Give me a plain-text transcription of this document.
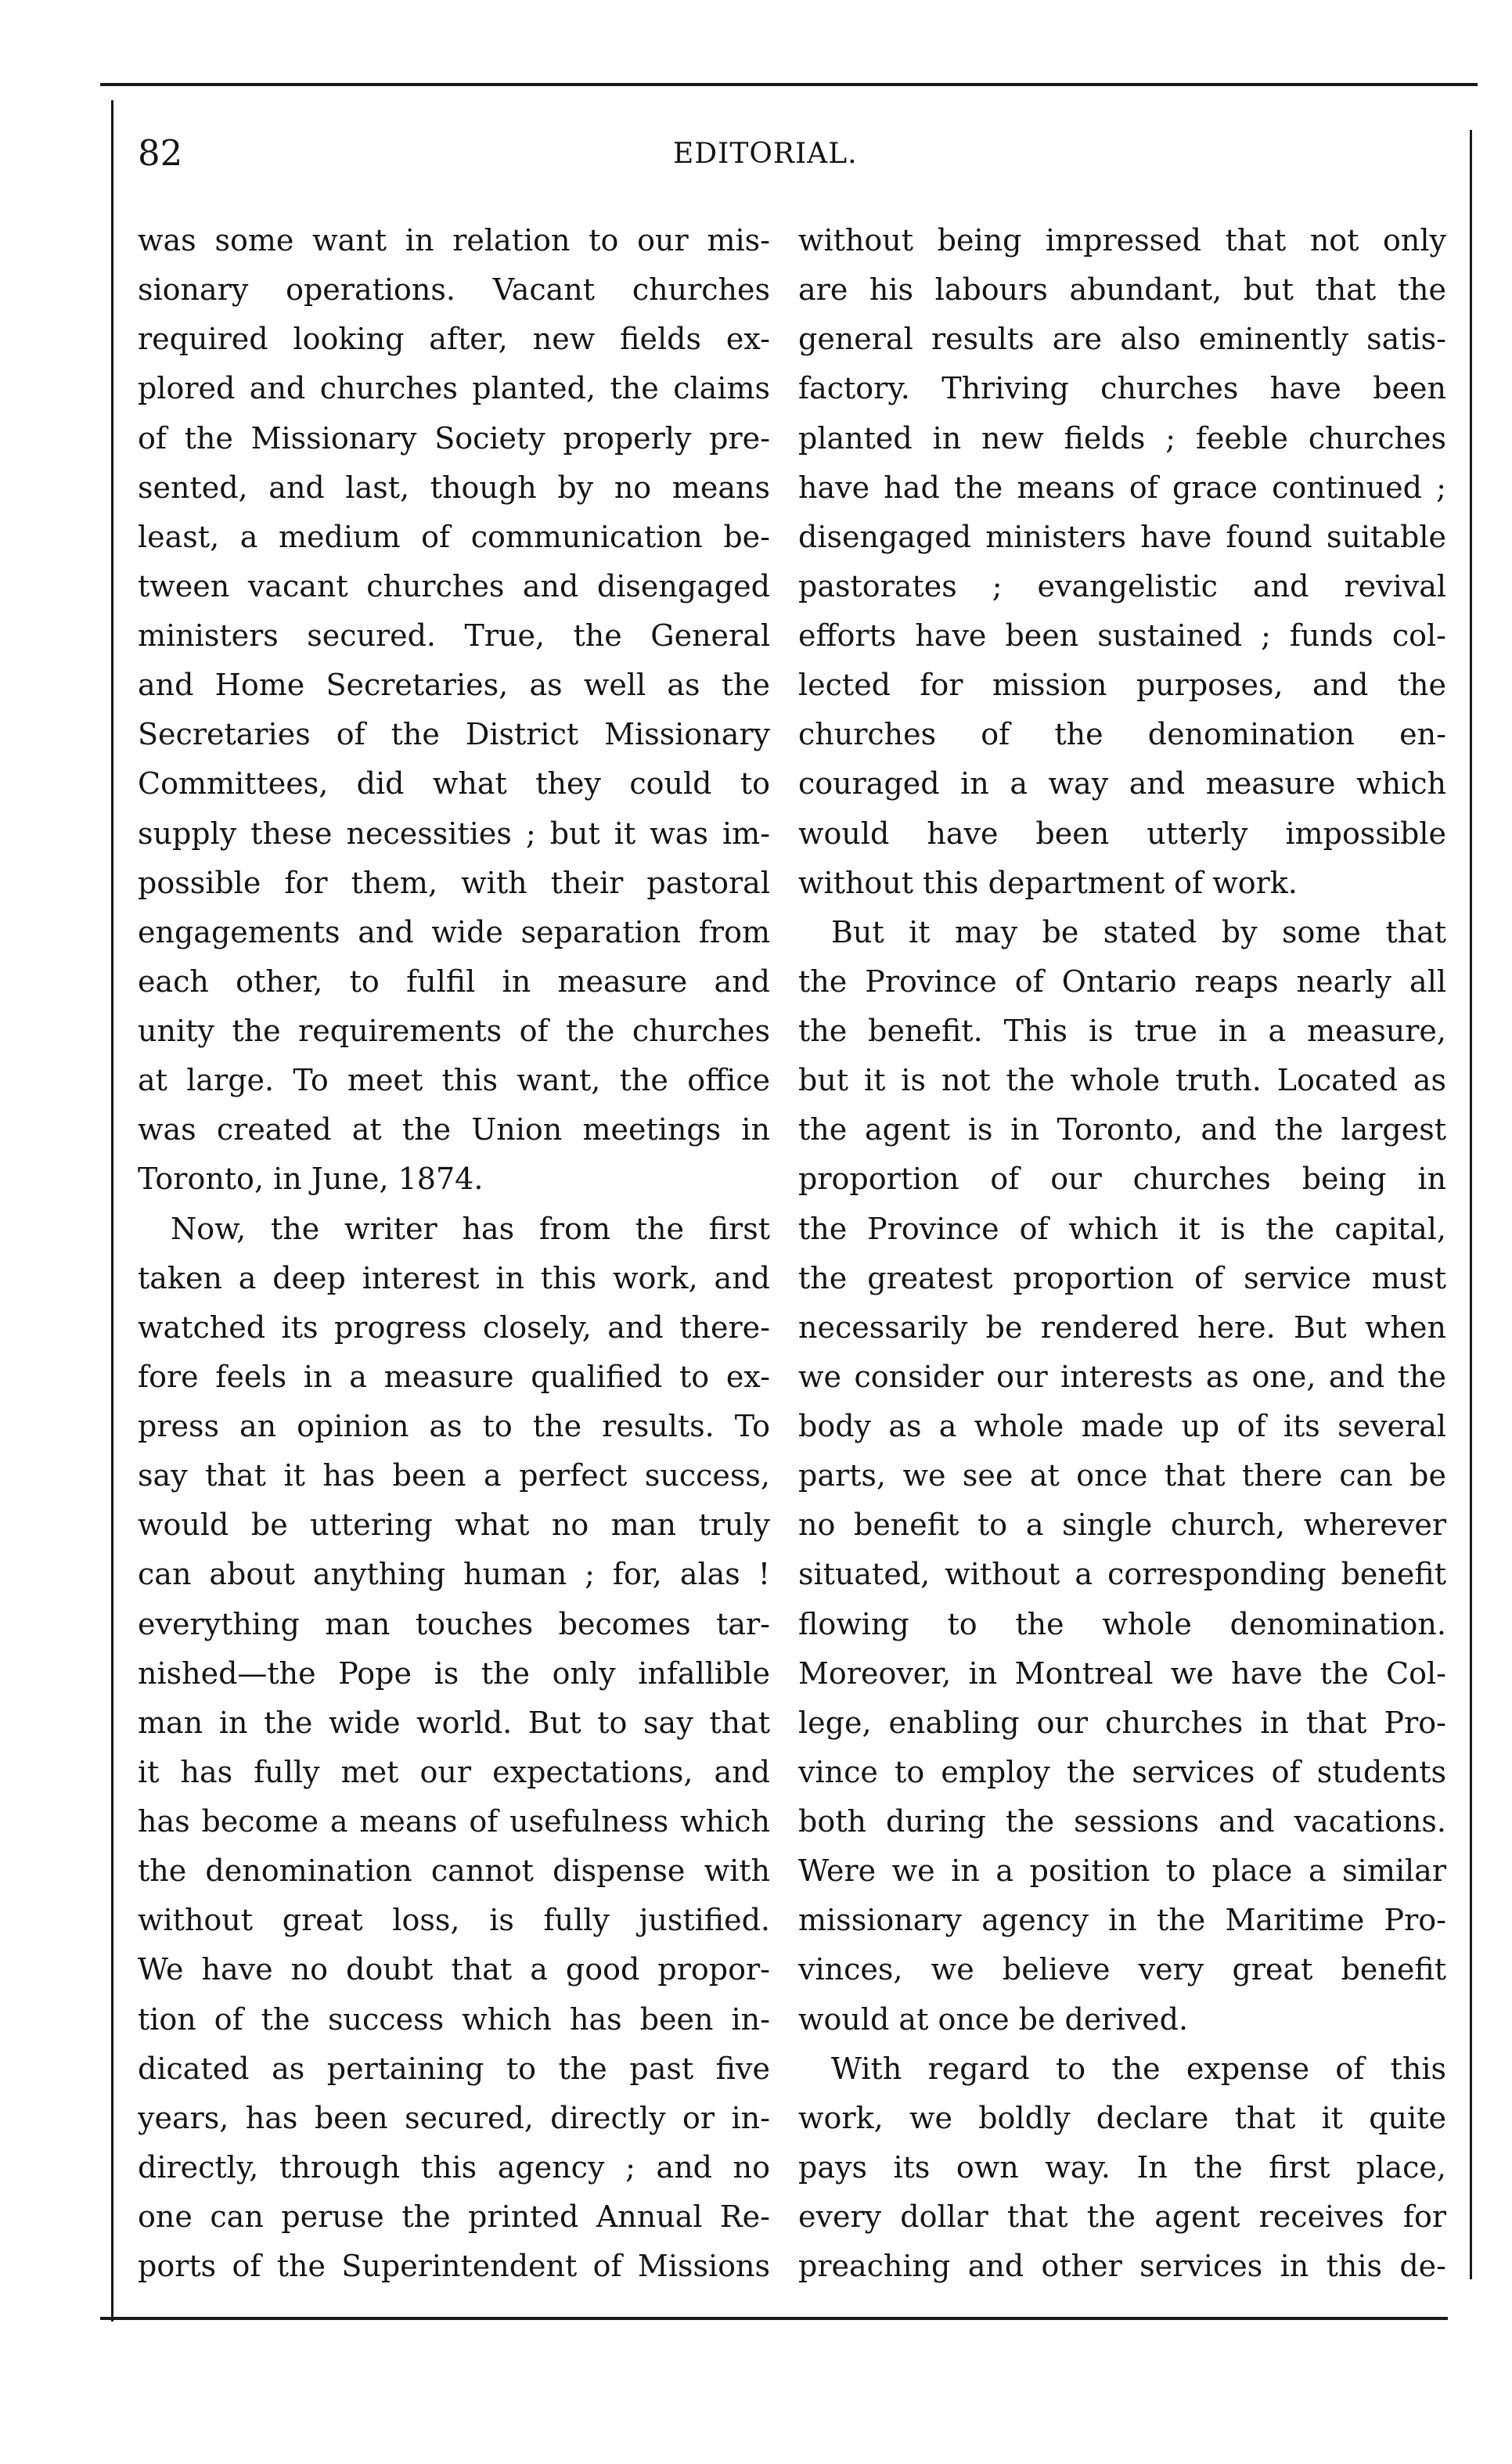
82	EDITORIAL.
was some want in relation to our mis-
sionary operations. Vacant churches
required looking after, new fields ex-
plored and churches planted, the claims
of the Missionary Society properly pre-
sented, and last, though by no means
least, a medium of communication be-
tween vacant churches and disengaged
ministers secured. True, the General
and Home Secretaries, as well as the
Secretaries of the District Missionary
Committees, did what they could to
supply these necessities ; but it was im-
possible for them, with their pastoral
engagements and wide separation from
each other, to fulfil in measure and
unity the requirements of the churches
at large. To meet this want, the office
was created at the Union meetings in
Toronto, in June, 1874.
Now, the writer has from the first
taken a deep interest in this work, and
watched its progress closely, and there-
fore feels in a measure qualified to ex-
press an opinion as to the results. To
say that it has been a perfect success,
would be uttering what no man truly
can about anything human ; for, alas !
everything man touches becomes tar-
nished—the Pope is the only infallible
man in the wide world. But to say that
it has fully met our expectations, and
has become a means of usefulness which
the denomination cannot dispense with
without great loss, is fully justified.
We have no doubt that a good propor-
tion of the success which has been in-
dicated as pertaining to the past five
years, has been secured, directly or in-
directly, through this agency ; and no
one can peruse the printed Annual Re-
ports of the Superintendent of Missions
without being impressed that not only
are his labours abundant, but that the
general results are also eminently satis-
factory. Thriving churches have been
planted in new fields ; feeble churches
have had the means of grace continued ;
disengaged ministers have found suitable
pastorates ; evangelistic and revival
efforts have been sustained ; funds col-
lected for mission purposes, and the
churches of the denomination en-
couraged in a way and measure which
would have been utterly impossible
without this department of work.
But it may be stated by some that
the Province of Ontario reaps nearly all
the benefit. This is true in a measure,
but it is not the whole truth. Located as
the agent is in Toronto, and the largest
proportion of our churches being in
the Province of which it is the capital,
the greatest proportion of service must
necessarily be rendered here. But when
we consider our interests as one, and the
body as a whole made up of its several
parts, we see at once that there can be
no benefit to a single church, wherever
situated, without a corresponding benefit
flowing to the whole denomination.
Moreover, in Montreal we have the Col-
lege, enabling our churches in that Pro-
vince to employ the services of students
both during the sessions and vacations.
Were we in a position to place a similar
missionary agency in the Maritime Pro-
vinces, we believe very great benefit
would at once be derived.
With regard to the expense of this
work, we boldly declare that it quite
pays its own way. In the first place,
every dollar that the agent receives for
preaching and other services in this de-
